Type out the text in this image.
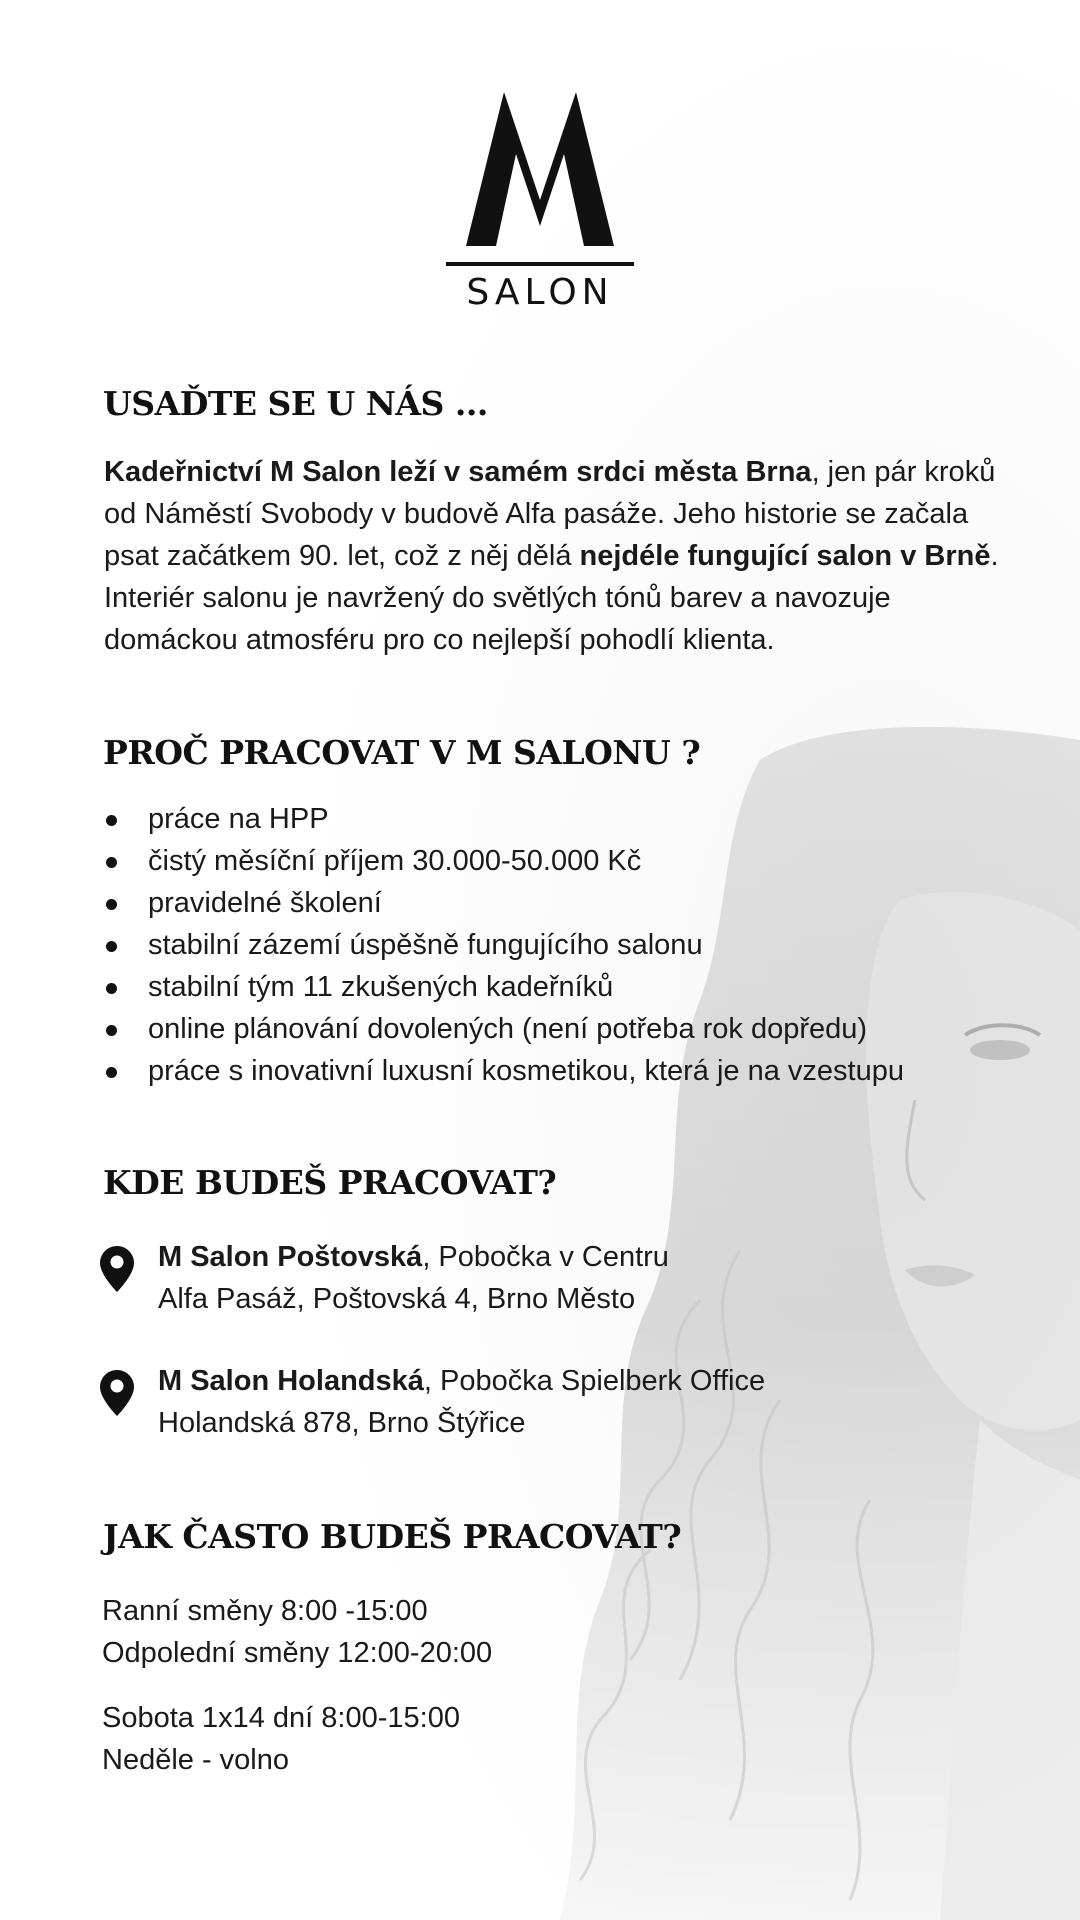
SALON
USAĎTE SE U NÁS ...

Kadeřnictví M Salon leží v samém srdci města Brna, jen pár kroků od Náměstí Svobody v budově Alfa pasáže. Jeho historie se začala psat začátkem 90. let, což z něj dělá nejdéle fungující salon v Brně. Interiér salonu je navržený do světlých tónů barev a navozuje domáckou atmosféru pro co nejlepší pohodlí klienta.

PROČ PRACOVAT V M SALONU ?
práce na HPP
čistý měsíční příjem 30.000-50.000 Kč
pravidelné školení
stabilní zázemí úspěšně fungujícího salonu
stabilní tým 11 zkušených kadeřníků
online plánování dovolených (není potřeba rok dopředu)
práce s inovativní luxusní kosmetikou, která je na vzestupu
KDE BUDEŠ PRACOVAT?
M Salon Poštovská, Pobočka v Centru
Alfa Pasáž, Poštovská 4, Brno Město
M Salon Holandská, Pobočka Spielberk Office
Holandská 878, Brno Štýřice
JAK ČASTO BUDEŠ PRACOVAT?
Ranní směny 8:00 -15:00
Odpolední směny 12:00-20:00
Sobota 1x14 dní 8:00-15:00
Neděle - volno
